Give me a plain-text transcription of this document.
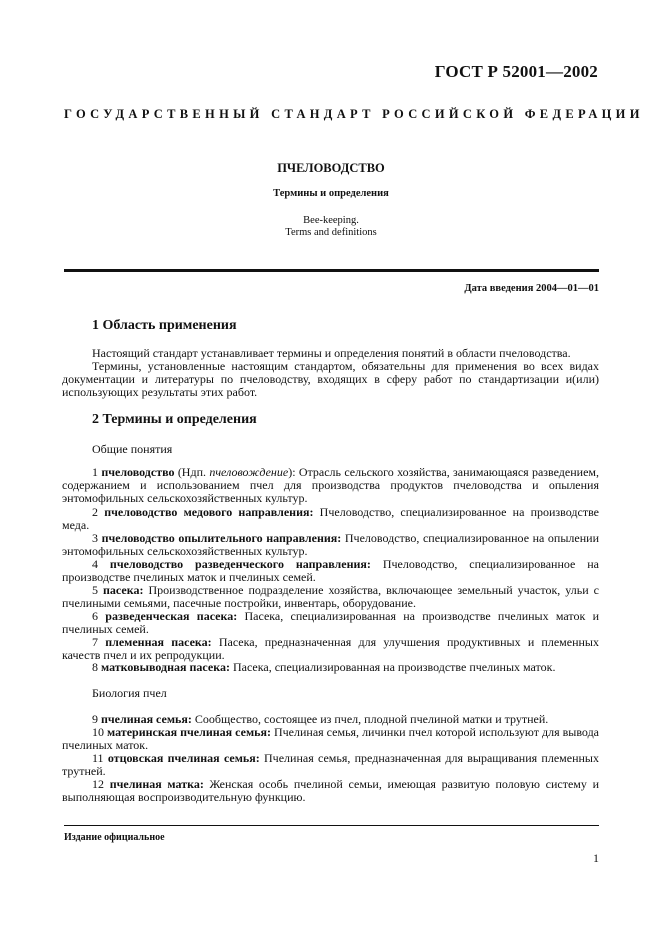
ГОСТ Р 52001—2002
ГОСУДАРСТВЕННЫЙ СТАНДАРТ РОССИЙСКОЙ ФЕДЕРАЦИИ
ПЧЕЛОВОДСТВО
Термины и определения
Bee-keeping.
Terms and definitions
Дата введения 2004—01—01
1 Область применения
Настоящий стандарт устанавливает термины и определения понятий в области пчеловодства.
Термины, установленные настоящим стандартом, обязательны для применения во всех видах документации и литературы по пчеловодству, входящих в сферу работ по стандартизации и(или) использующих результаты этих работ.
2 Термины и определения
Общие понятия
1 пчеловодство (Ндп. пчеловождение): Отрасль сельского хозяйства, занимающаяся разведением, содержанием и использованием пчел для производства продуктов пчеловодства и опыления энтомофильных сельскохозяйственных культур.
2 пчеловодство медового направления: Пчеловодство, специализированное на производстве меда.
3 пчеловодство опылительного направления: Пчеловодство, специализированное на опылении энтомофильных сельскохозяйственных культур.
4 пчеловодство разведенческого направления: Пчеловодство, специализированное на производстве пчелиных маток и пчелиных семей.
5 пасека: Производственное подразделение хозяйства, включающее земельный участок, ульи с пчелиными семьями, пасечные постройки, инвентарь, оборудование.
6 разведенческая пасека: Пасека, специализированная на производстве пчелиных маток и пчелиных семей.
7 племенная пасека: Пасека, предназначенная для улучшения продуктивных и племенных качеств пчел и их репродукции.
8 матковыводная пасека: Пасека, специализированная на производстве пчелиных маток.
Биология пчел
9 пчелиная семья: Сообщество, состоящее из пчел, плодной пчелиной матки и трутней.
10 материнская пчелиная семья: Пчелиная семья, личинки пчел которой используют для вывода пчелиных маток.
11 отцовская пчелиная семья: Пчелиная семья, предназначенная для выращивания племенных трутней.
12 пчелиная матка: Женская особь пчелиной семьи, имеющая развитую половую систему и выполняющая воспроизводительную функцию.
Издание официальное
1
